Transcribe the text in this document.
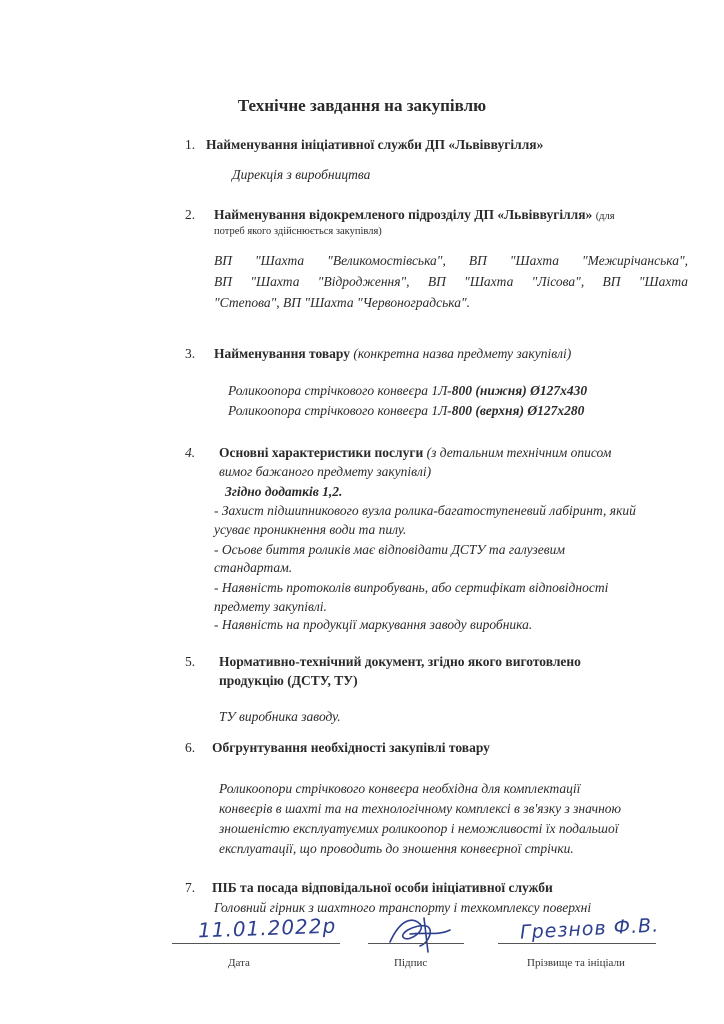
Технічне завдання на закупівлю
1. Найменування ініціативної служби ДП «Львіввугілля»
Дирекція з виробництва
2. Найменування відокремленого підрозділу ДП «Львіввугілля» (для
потреб якого здійснюється закупівля)
ВП "Шахта "Великомостівська", ВП "Шахта "Межирічанська",
ВП "Шахта "Відродження", ВП "Шахта "Лісова", ВП "Шахта
"Степова", ВП "Шахта "Червоноградська".
3. Найменування товару (конкретна назва предмету закупівлі)
Роликоопора стрічкового конвеєра 1Л-800 (нижня) Ø127х430
Роликоопора стрічкового конвеєра 1Л-800 (верхня) Ø127х280
4. Основні характеристики послуги (з детальним технічним описом
вимог бажаного предмету закупівлі)
Згідно додатків 1,2.
- Захист підшипникового вузла ролика-багатоступеневий лабіринт, який
усуває проникнення води та пилу.
- Осьове биття роликів має відповідати ДСТУ та галузевим
стандартам.
- Наявність протоколів випробувань, або сертифікат відповідності
предмету закупівлі.
- Наявність на продукції маркування заводу виробника.
5. Нормативно-технічний документ, згідно якого виготовлено
продукцію (ДСТУ, ТУ)
ТУ виробника заводу.
6. Обгрунтування необхідності закупівлі товару
Роликоопори стрічкового конвеєра необхідна для комплектації
конвеєрів в шахті та на технологічному комплексі в зв'язку з значною
зношеністю експлуатуємих роликоопор і неможливості їх подальшої
експлуатації, що проводить до зношення конвеєрної стрічки.
7. ПІБ та посада відповідальної особи ініціативної служби
Головний гірник з шахтного транспорту і техкомплексу поверхні
11.01.2022р	Грезнов Ф.В.
Дата	Підпис	Прізвище та ініціали
